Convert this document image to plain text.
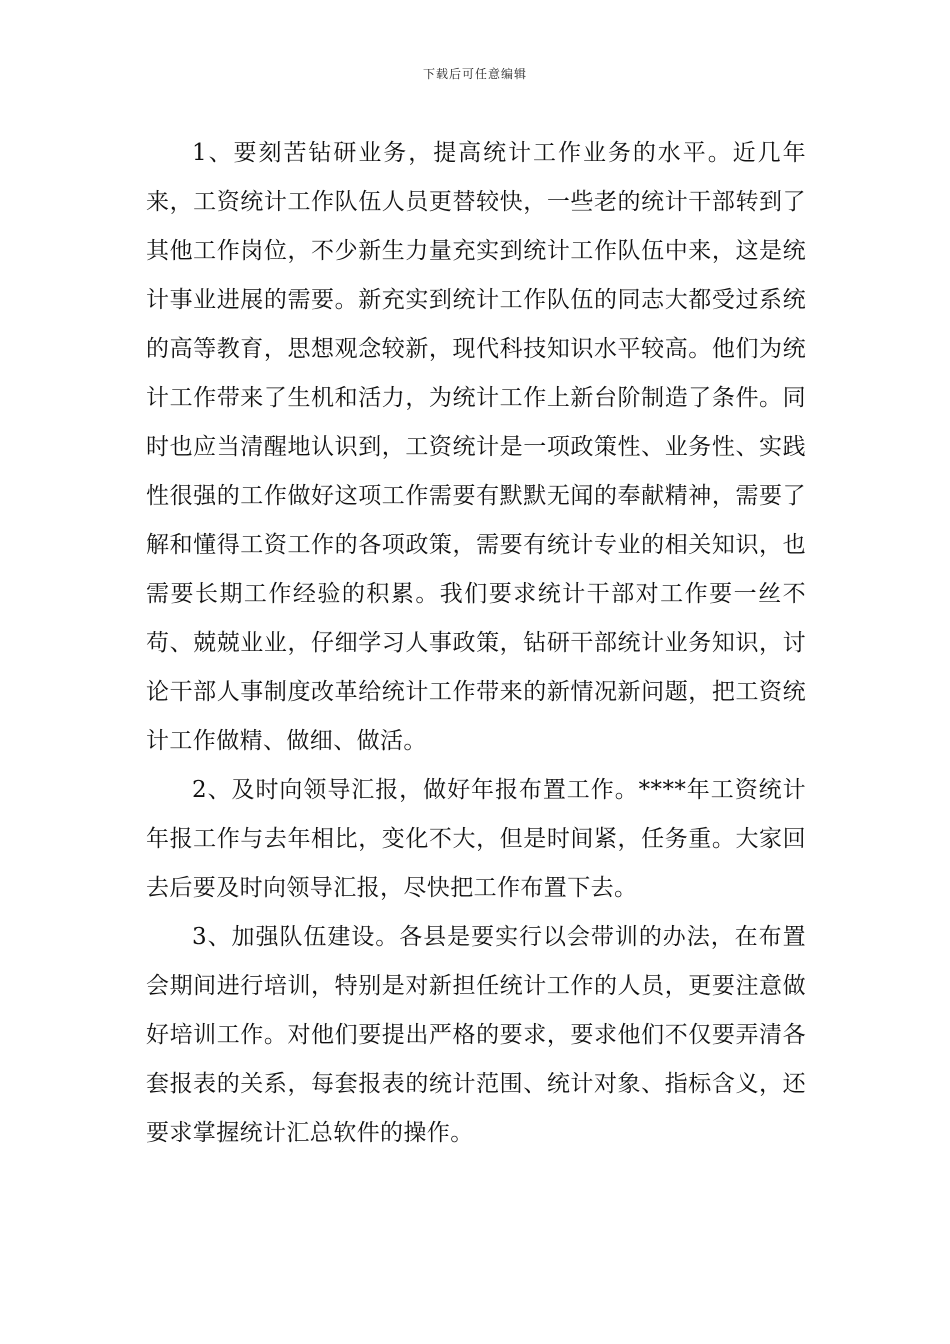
下载后可任意编辑

1、要刻苦钻研业务，提高统计工作业务的水平。近几年来，工资统计工作队伍人员更替较快，一些老的统计干部转到了其他工作岗位，不少新生力量充实到统计工作队伍中来，这是统计事业进展的需要。新充实到统计工作队伍的同志大都受过系统的高等教育，思想观念较新，现代科技知识水平较高。他们为统计工作带来了生机和活力，为统计工作上新台阶制造了条件。同时也应当清醒地认识到，工资统计是一项政策性、业务性、实践性很强的工作做好这项工作需要有默默无闻的奉献精神，需要了解和懂得工资工作的各项政策，需要有统计专业的相关知识，也需要长期工作经验的积累。我们要求统计干部对工作要一丝不苟、兢兢业业，仔细学习人事政策，钻研干部统计业务知识，讨论干部人事制度改革给统计工作带来的新情况新问题，把工资统计工作做精、做细、做活。

2、及时向领导汇报，做好年报布置工作。****年工资统计年报工作与去年相比，变化不大，但是时间紧，任务重。大家回去后要及时向领导汇报，尽快把工作布置下去。

3、加强队伍建设。各县是要实行以会带训的办法，在布置会期间进行培训，特别是对新担任统计工作的人员，更要注意做好培训工作。对他们要提出严格的要求，要求他们不仅要弄清各套报表的关系，每套报表的统计范围、统计对象、指标含义，还要求掌握统计汇总软件的操作。
